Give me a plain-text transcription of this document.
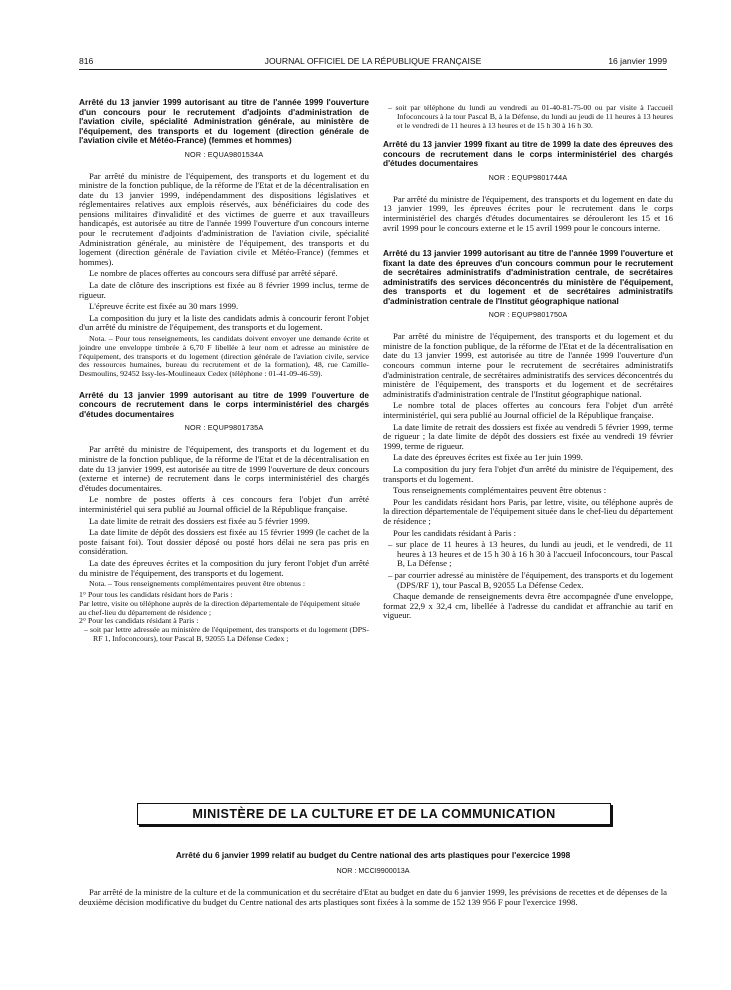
816	JOURNAL OFFICIEL DE LA RÉPUBLIQUE FRANÇAISE	16 janvier 1999

Arrêté du 13 janvier 1999 autorisant au titre de l'année 1999 l'ouverture d'un concours pour le recrutement d'adjoints d'administration de l'aviation civile, spécialité Administration générale, au ministère de l'équipement, des transports et du logement (direction générale de l'aviation civile et Météo-France) (femmes et hommes)

NOR : EQUA9801534A

Par arrêté du ministre de l'équipement, des transports et du logement et du ministre de la fonction publique, de la réforme de l'Etat et de la décentralisation en date du 13 janvier 1999, indépendamment des dispositions législatives et réglementaires relatives aux emplois réservés, aux bénéficiaires du code des pensions militaires d'invalidité et des victimes de guerre et aux travailleurs handicapés, est autorisée au titre de l'année 1999 l'ouverture d'un concours interne pour le recrutement d'adjoints d'administration de l'aviation civile, spécialité Administration générale, au ministère de l'équipement, des transports et du logement (direction générale de l'aviation civile et Météo-France) (femmes et hommes).

Le nombre de places offertes au concours sera diffusé par arrêté séparé.

La date de clôture des inscriptions est fixée au 8 février 1999 inclus, terme de rigueur.

L'épreuve écrite est fixée au 30 mars 1999.

La composition du jury et la liste des candidats admis à concourir feront l'objet d'un arrêté du ministre de l'équipement, des transports et du logement.

Nota. – Pour tous renseignements, les candidats doivent envoyer une demande écrite et joindre une enveloppe timbrée à 6,70 F libellée à leur nom et adresse au ministère de l'équipement, des transports et du logement (direction générale de l'aviation civile, service des ressources humaines, bureau du recrutement et de la formation), 48, rue Camille-Desmoulins, 92452 Issy-les-Moulineaux Cedex (téléphone : 01-41-09-46-59).

Arrêté du 13 janvier 1999 autorisant au titre de 1999 l'ouverture de concours de recrutement dans le corps interministériel des chargés d'études documentaires

NOR : EQUP9801735A

Par arrêté du ministre de l'équipement, des transports et du logement et du ministre de la fonction publique, de la réforme de l'Etat et de la décentralisation en date du 13 janvier 1999, est autorisée au titre de 1999 l'ouverture de deux concours (externe et interne) de recrutement dans le corps interministériel des chargés d'études documentaires.

Le nombre de postes offerts à ces concours fera l'objet d'un arrêté interministériel qui sera publié au Journal officiel de la République française.

La date limite de retrait des dossiers est fixée au 5 février 1999.

La date limite de dépôt des dossiers est fixée au 15 février 1999 (le cachet de la poste faisant foi). Tout dossier déposé ou posté hors délai ne sera pas pris en considération.

La date des épreuves écrites et la composition du jury feront l'objet d'un arrêté du ministre de l'équipement, des transports et du logement.

Nota. – Tous renseignements complémentaires peuvent être obtenus :

1° Pour tous les candidats résidant hors de Paris :

Par lettre, visite ou téléphone auprès de la direction départementale de l'équipement située au chef-lieu du département de résidence ;

2° Pour les candidats résidant à Paris :

– soit par lettre adressée au ministère de l'équipement, des transports et du logement (DPS-RF 1, Infoconcours), tour Pascal B, 92055 La Défense Cedex ;

– soit par téléphone du lundi au vendredi au 01-40-81-75-00 ou par visite à l'accueil Infoconcours à la tour Pascal B, à la Défense, du lundi au jeudi de 11 heures à 13 heures et le vendredi de 11 heures à 13 heures et de 15 h 30 à 16 h 30.

Arrêté du 13 janvier 1999 fixant au titre de 1999 la date des épreuves des concours de recrutement dans le corps interministériel des chargés d'études documentaires

NOR : EQUP9801744A

Par arrêté du ministre de l'équipement, des transports et du logement en date du 13 janvier 1999, les épreuves écrites pour le recrutement dans le corps interministériel des chargés d'études documentaires se dérouleront les 15 et 16 avril 1999 pour le concours externe et le 15 avril 1999 pour le concours interne.

Arrêté du 13 janvier 1999 autorisant au titre de l'année 1999 l'ouverture et fixant la date des épreuves d'un concours commun pour le recrutement de secrétaires administratifs d'administration centrale, de secrétaires administratifs des services déconcentrés du ministère de l'équipement, des transports et du logement et de secrétaires administratifs d'administration centrale de l'Institut géographique national

NOR : EQUP9801750A

Par arrêté du ministre de l'équipement, des transports et du logement et du ministre de la fonction publique, de la réforme de l'Etat et de la décentralisation en date du 13 janvier 1999, est autorisée au titre de l'année 1999 l'ouverture d'un concours commun interne pour le recrutement de secrétaires administratifs d'administration centrale, de secrétaires administratifs des services déconcentrés du ministère de l'équipement, des transports et du logement et de secrétaires administratifs d'administration centrale de l'Institut géographique national.

Le nombre total de places offertes au concours fera l'objet d'un arrêté interministériel, qui sera publié au Journal officiel de la République française.

La date limite de retrait des dossiers est fixée au vendredi 5 février 1999, terme de rigueur ; la date limite de dépôt des dossiers est fixée au vendredi 19 février 1999, terme de rigueur.

La date des épreuves écrites est fixée au 1er juin 1999.

La composition du jury fera l'objet d'un arrêté du ministre de l'équipement, des transports et du logement.

Tous renseignements complémentaires peuvent être obtenus :

Pour les candidats résidant hors Paris, par lettre, visite, ou téléphone auprès de la direction départementale de l'équipement située dans le chef-lieu du département de résidence ;

Pour les candidats résidant à Paris :

– sur place de 11 heures à 13 heures, du lundi au jeudi, et le vendredi, de 11 heures à 13 heures et de 15 h 30 à 16 h 30 à l'accueil Infoconcours, tour Pascal B, La Défense ;

– par courrier adressé au ministère de l'équipement, des transports et du logement (DPS/RF 1), tour Pascal B, 92055 La Défense Cedex.

Chaque demande de renseignements devra être accompagnée d'une enveloppe, format 22,9 x 32,4 cm, libellée à l'adresse du candidat et affranchie au tarif en vigueur.

MINISTÈRE DE LA CULTURE ET DE LA COMMUNICATION

Arrêté du 6 janvier 1999 relatif au budget du Centre national des arts plastiques pour l'exercice 1998

NOR : MCCI9900013A

Par arrêté de la ministre de la culture et de la communication et du secrétaire d'Etat au budget en date du 6 janvier 1999, les prévisions de recettes et de dépenses de la deuxième décision modificative du budget du Centre national des arts plastiques sont fixées à la somme de 152 139 956 F pour l'exercice 1998.
